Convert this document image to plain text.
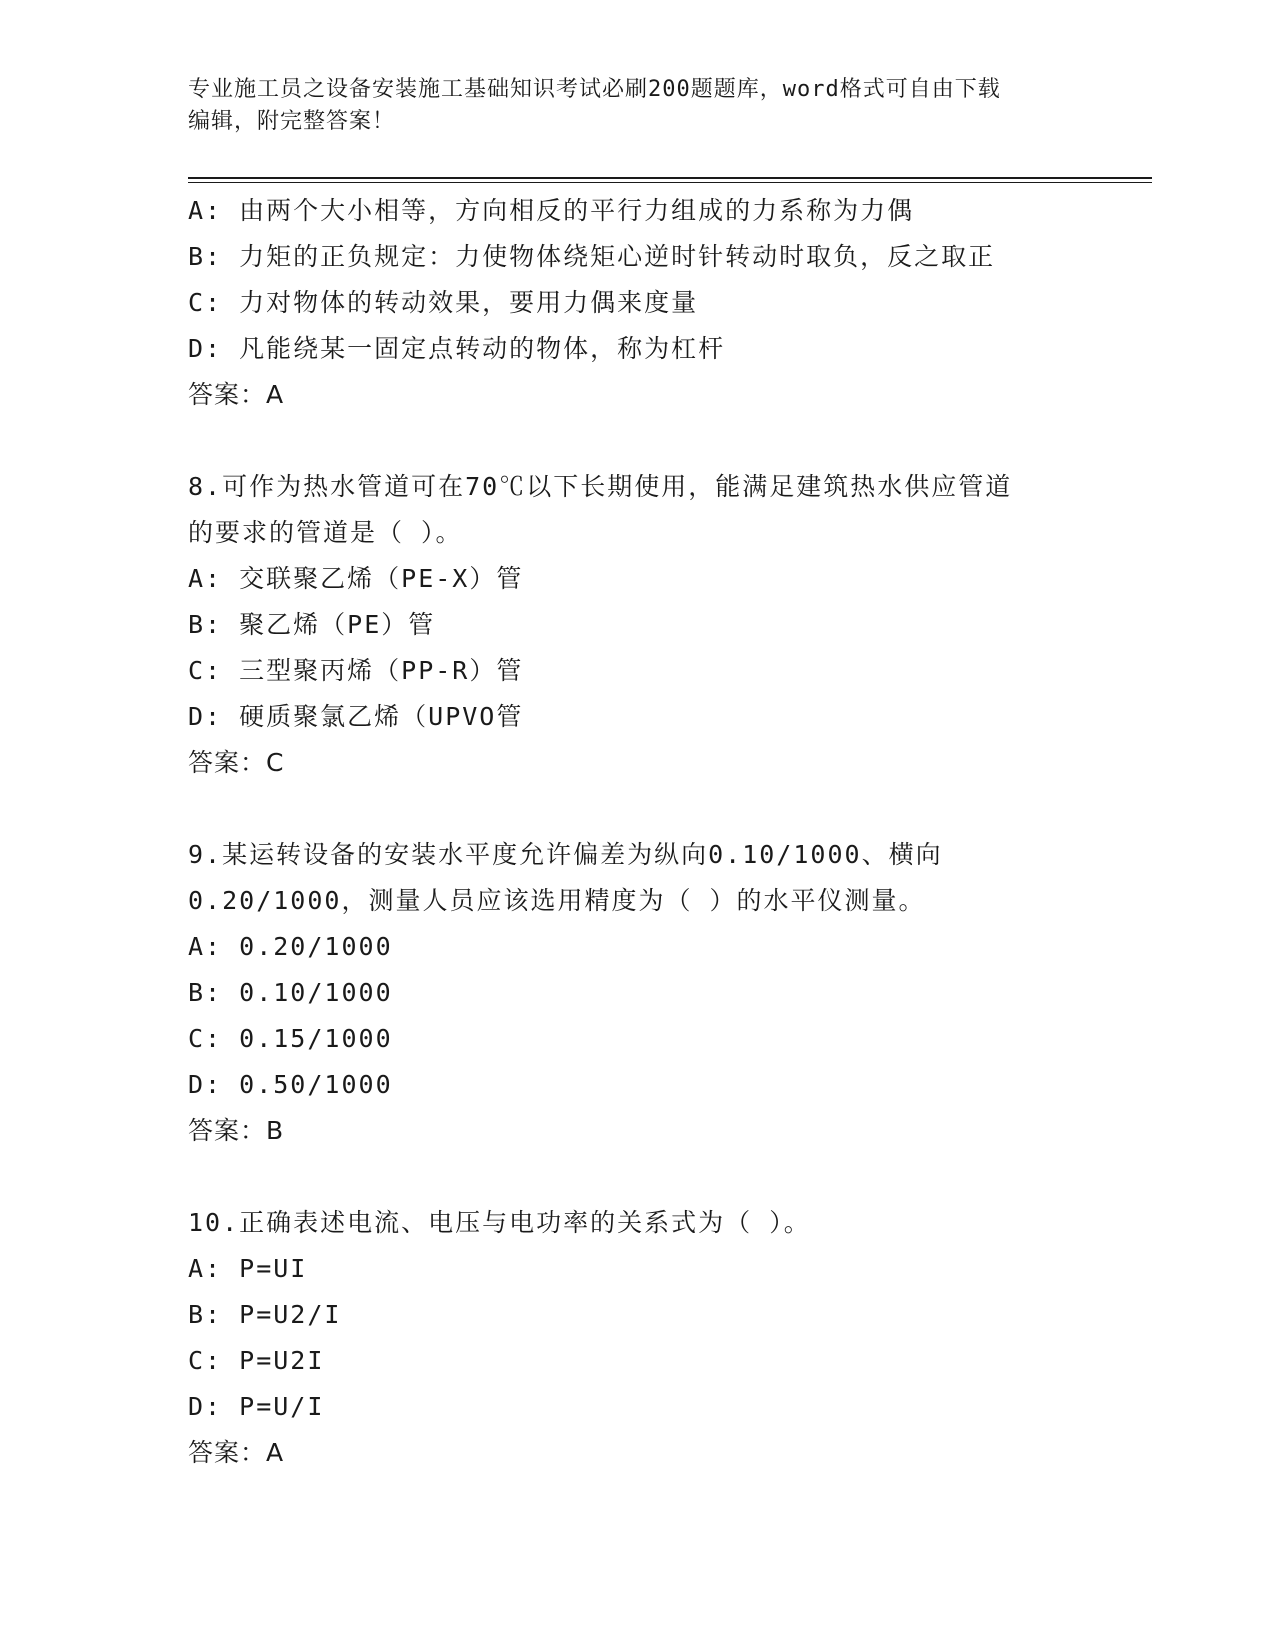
专业施工员之设备安装施工基础知识考试必刷200题题库，word格式可自由下载
编辑，附完整答案！
A: 由两个大小相等，方向相反的平行力组成的力系称为力偶
B: 力矩的正负规定：力使物体绕矩心逆时针转动时取负，反之取正
C: 力对物体的转动效果，要用力偶来度量
D: 凡能绕某一固定点转动的物体，称为杠杆
答案：A
8.可作为热水管道可在70℃以下长期使用，能满足建筑热水供应管道
的要求的管道是（ ）。
A: 交联聚乙烯（PE-X）管
B: 聚乙烯（PE）管
C: 三型聚丙烯（PP-R）管
D: 硬质聚氯乙烯（UPVO管
答案：C
9.某运转设备的安装水平度允许偏差为纵向0.10/1000、横向
0.20/1000，测量人员应该选用精度为（ ）的水平仪测量。
A: 0.20/1000
B: 0.10/1000
C: 0.15/1000
D: 0.50/1000
答案：B
10.正确表述电流、电压与电功率的关系式为（ ）。
A: P=UI
B: P=U2/I
C: P=U2I
D: P=U/I
答案：A
